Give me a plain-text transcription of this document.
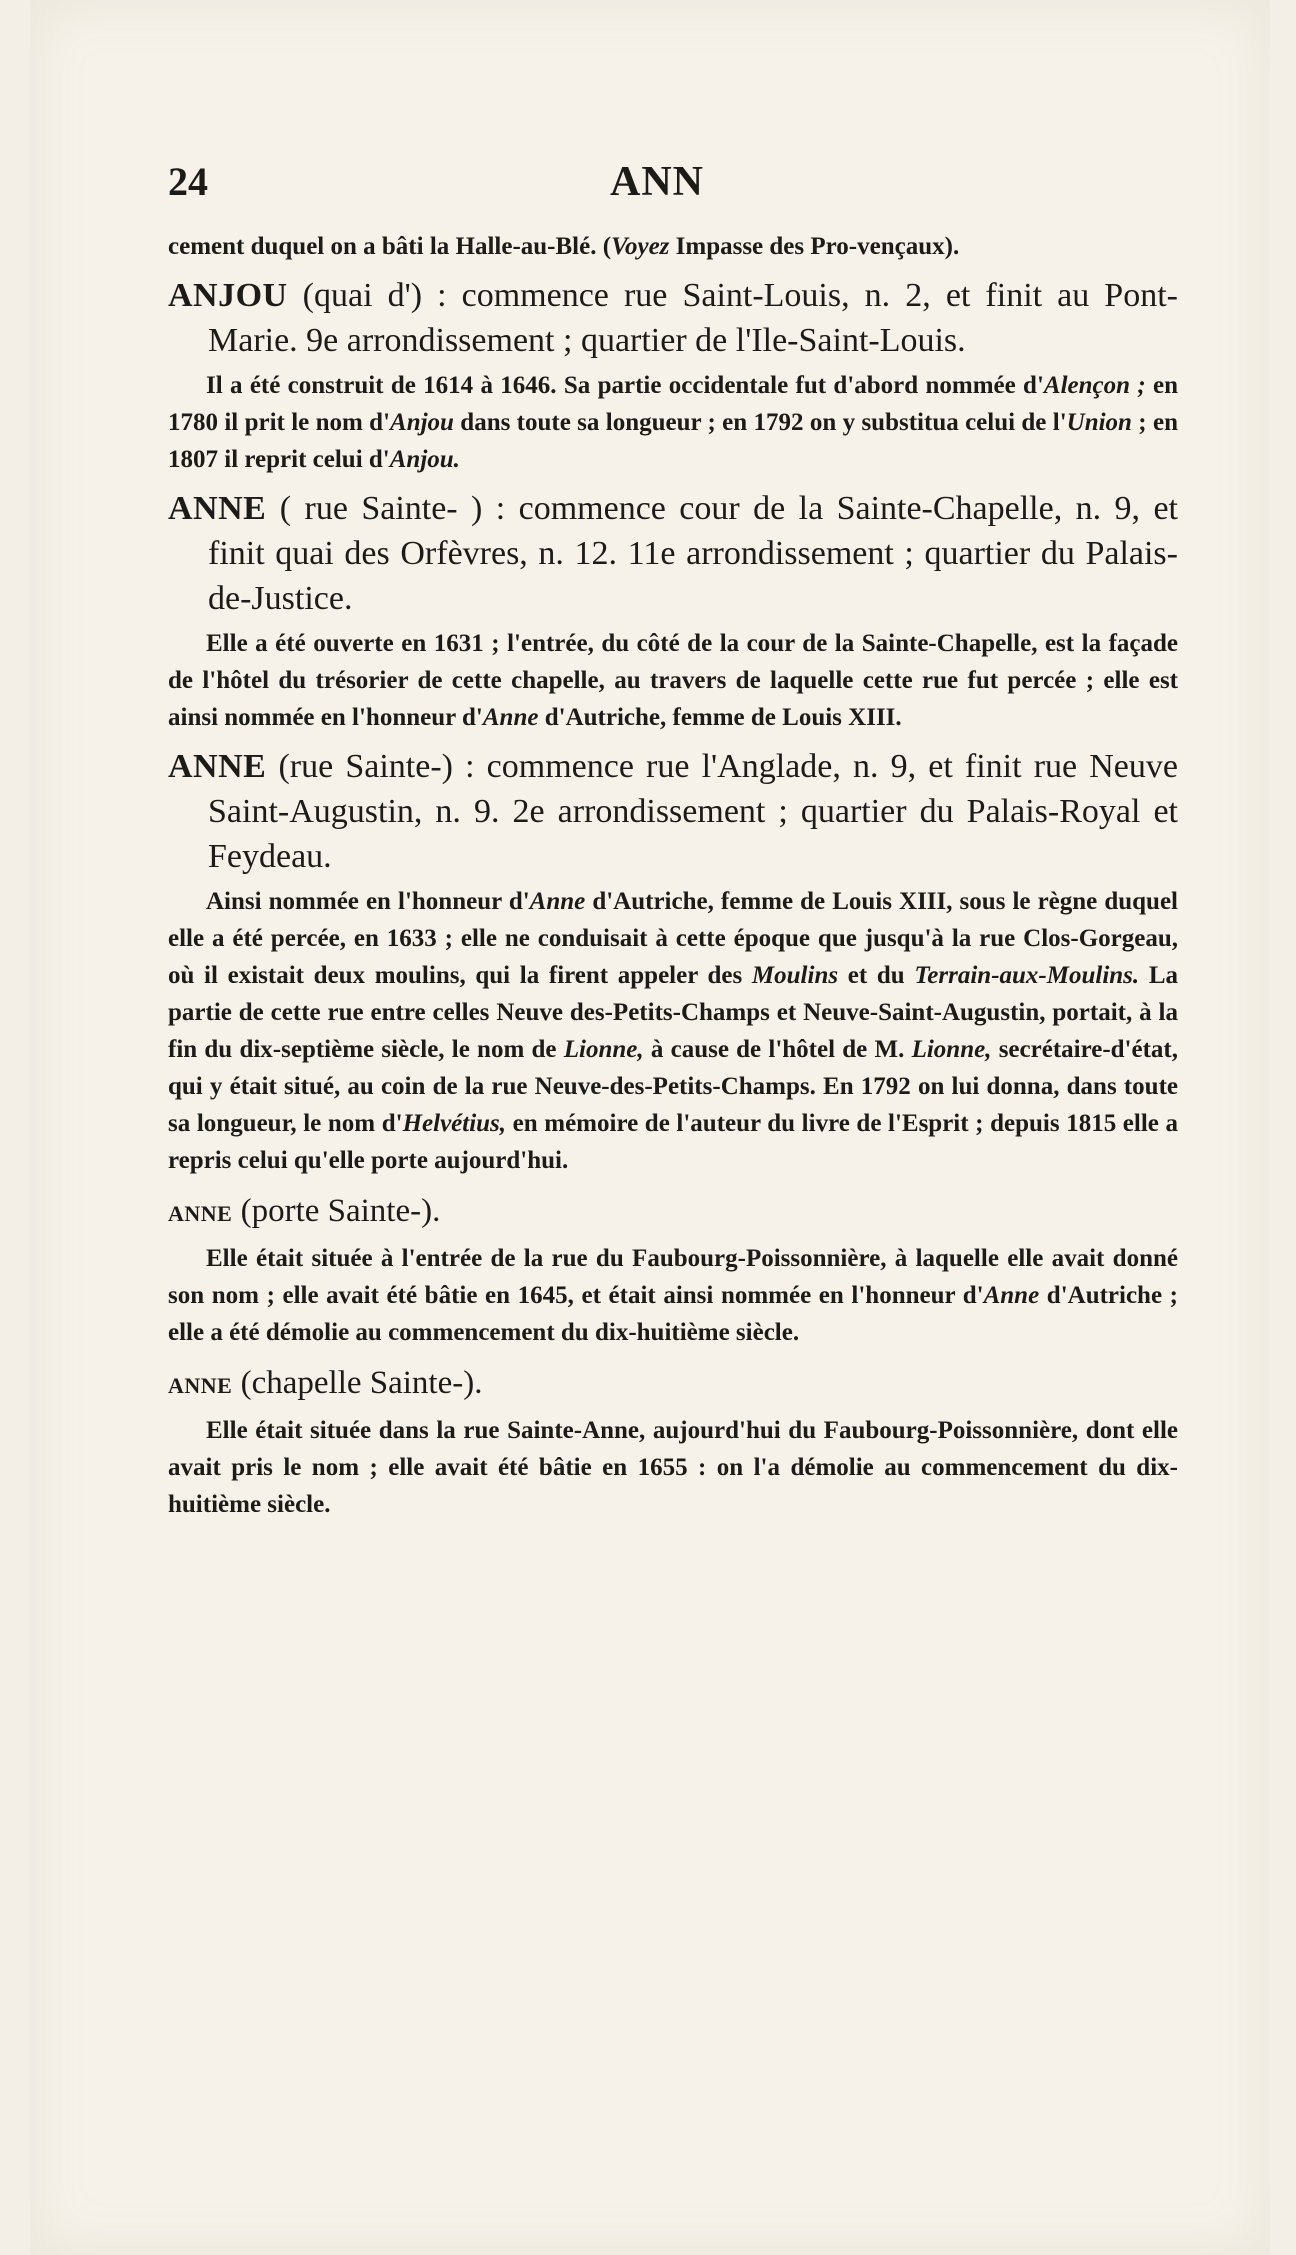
24	ANN

cement duquel on a bâti la Halle-au-Blé. (Voyez Impasse des Pro-vençaux).

ANJOU (quai d') : commence rue Saint-Louis, n. 2, et finit au Pont-Marie. 9e arrondissement ; quartier de l'Ile-Saint-Louis.

Il a été construit de 1614 à 1646. Sa partie occidentale fut d'abord nommée d'Alençon ; en 1780 il prit le nom d'Anjou dans toute sa longueur ; en 1792 on y substitua celui de l'Union ; en 1807 il reprit celui d'Anjou.

ANNE ( rue Sainte- ) : commence cour de la Sainte-Chapelle, n. 9, et finit quai des Orfèvres, n. 12. 11e arrondissement ; quartier du Palais-de-Justice.

Elle a été ouverte en 1631 ; l'entrée, du côté de la cour de la Sainte-Chapelle, est la façade de l'hôtel du trésorier de cette chapelle, au travers de laquelle cette rue fut percée ; elle est ainsi nommée en l'honneur d'Anne d'Autriche, femme de Louis XIII.

ANNE (rue Sainte-) : commence rue l'Anglade, n. 9, et finit rue Neuve Saint-Augustin, n. 9. 2e arrondissement ; quartier du Palais-Royal et Feydeau.

Ainsi nommée en l'honneur d'Anne d'Autriche, femme de Louis XIII, sous le règne duquel elle a été percée, en 1633 ; elle ne conduisait à cette époque que jusqu'à la rue Clos-Gorgeau, où il existait deux moulins, qui la firent appeler des Moulins et du Terrain-aux-Moulins. La partie de cette rue entre celles Neuve des-Petits-Champs et Neuve-Saint-Augustin, portait, à la fin du dix-septième siècle, le nom de Lionne, à cause de l'hôtel de M. Lionne, secrétaire-d'état, qui y était situé, au coin de la rue Neuve-des-Petits-Champs. En 1792 on lui donna, dans toute sa longueur, le nom d'Helvétius, en mémoire de l'auteur du livre de l'Esprit ; depuis 1815 elle a repris celui qu'elle porte aujourd'hui.

ANNE (porte Sainte-).

Elle était située à l'entrée de la rue du Faubourg-Poissonnière, à laquelle elle avait donné son nom ; elle avait été bâtie en 1645, et était ainsi nommée en l'honneur d'Anne d'Autriche ; elle a été démolie au commencement du dix-huitième siècle.

ANNE (chapelle Sainte-).

Elle était située dans la rue Sainte-Anne, aujourd'hui du Faubourg-Poissonnière, dont elle avait pris le nom ; elle avait été bâtie en 1655 : on l'a démolie au commencement du dix-huitième siècle.
